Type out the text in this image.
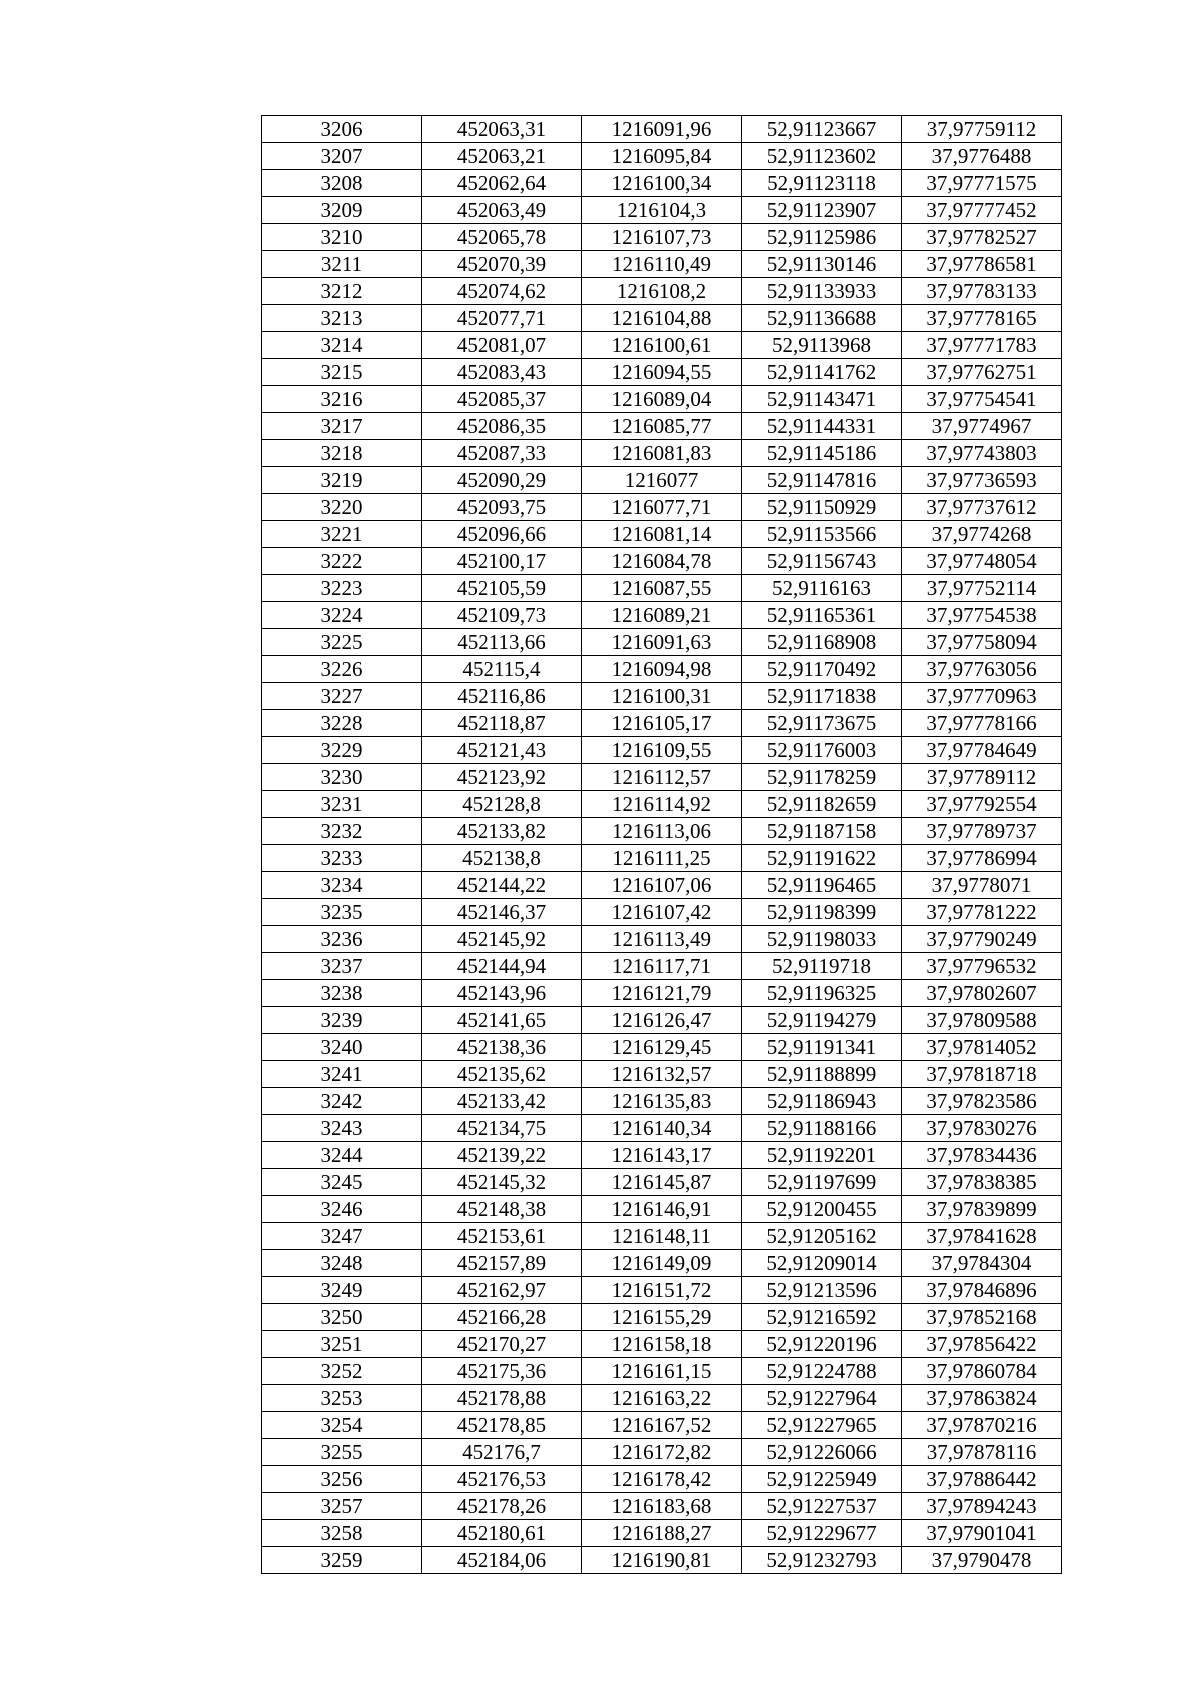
3206	452063,31	1216091,96	52,91123667	37,97759112
3207	452063,21	1216095,84	52,91123602	37,9776488
3208	452062,64	1216100,34	52,91123118	37,97771575
3209	452063,49	1216104,3	52,91123907	37,97777452
3210	452065,78	1216107,73	52,91125986	37,97782527
3211	452070,39	1216110,49	52,91130146	37,97786581
3212	452074,62	1216108,2	52,91133933	37,97783133
3213	452077,71	1216104,88	52,91136688	37,97778165
3214	452081,07	1216100,61	52,9113968	37,97771783
3215	452083,43	1216094,55	52,91141762	37,97762751
3216	452085,37	1216089,04	52,91143471	37,97754541
3217	452086,35	1216085,77	52,91144331	37,9774967
3218	452087,33	1216081,83	52,91145186	37,97743803
3219	452090,29	1216077	52,91147816	37,97736593
3220	452093,75	1216077,71	52,91150929	37,97737612
3221	452096,66	1216081,14	52,91153566	37,9774268
3222	452100,17	1216084,78	52,91156743	37,97748054
3223	452105,59	1216087,55	52,9116163	37,97752114
3224	452109,73	1216089,21	52,91165361	37,97754538
3225	452113,66	1216091,63	52,91168908	37,97758094
3226	452115,4	1216094,98	52,91170492	37,97763056
3227	452116,86	1216100,31	52,91171838	37,97770963
3228	452118,87	1216105,17	52,91173675	37,97778166
3229	452121,43	1216109,55	52,91176003	37,97784649
3230	452123,92	1216112,57	52,91178259	37,97789112
3231	452128,8	1216114,92	52,91182659	37,97792554
3232	452133,82	1216113,06	52,91187158	37,97789737
3233	452138,8	1216111,25	52,91191622	37,97786994
3234	452144,22	1216107,06	52,91196465	37,9778071
3235	452146,37	1216107,42	52,91198399	37,97781222
3236	452145,92	1216113,49	52,91198033	37,97790249
3237	452144,94	1216117,71	52,9119718	37,97796532
3238	452143,96	1216121,79	52,91196325	37,97802607
3239	452141,65	1216126,47	52,91194279	37,97809588
3240	452138,36	1216129,45	52,91191341	37,97814052
3241	452135,62	1216132,57	52,91188899	37,97818718
3242	452133,42	1216135,83	52,91186943	37,97823586
3243	452134,75	1216140,34	52,91188166	37,97830276
3244	452139,22	1216143,17	52,91192201	37,97834436
3245	452145,32	1216145,87	52,91197699	37,97838385
3246	452148,38	1216146,91	52,91200455	37,97839899
3247	452153,61	1216148,11	52,91205162	37,97841628
3248	452157,89	1216149,09	52,91209014	37,9784304
3249	452162,97	1216151,72	52,91213596	37,97846896
3250	452166,28	1216155,29	52,91216592	37,97852168
3251	452170,27	1216158,18	52,91220196	37,97856422
3252	452175,36	1216161,15	52,91224788	37,97860784
3253	452178,88	1216163,22	52,91227964	37,97863824
3254	452178,85	1216167,52	52,91227965	37,97870216
3255	452176,7	1216172,82	52,91226066	37,97878116
3256	452176,53	1216178,42	52,91225949	37,97886442
3257	452178,26	1216183,68	52,91227537	37,97894243
3258	452180,61	1216188,27	52,91229677	37,97901041
3259	452184,06	1216190,81	52,91232793	37,9790478
